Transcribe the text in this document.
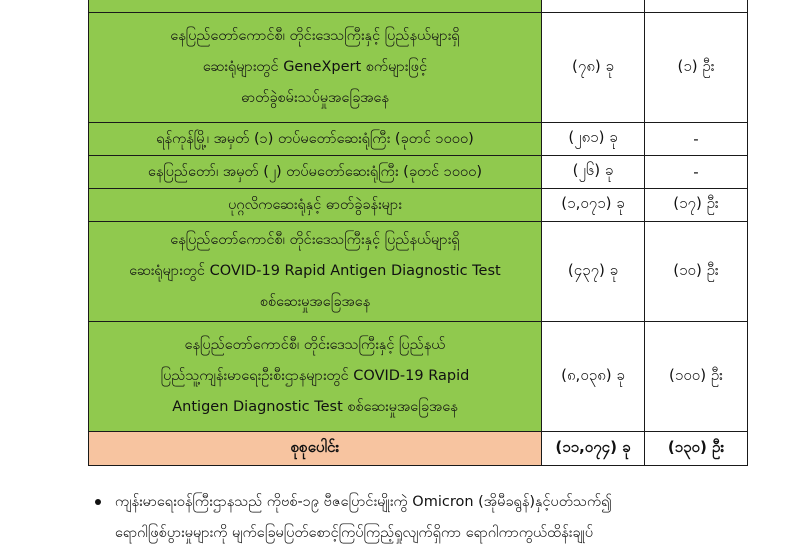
နေပြည်တော်ကောင်စီ၊ တိုင်းဒေသကြီးနှင့် ပြည်နယ်များရှိ
ဆေးရုံများတွင် GeneXpert စက်များဖြင့်
ဓာတ်ခွဲစမ်းသပ်မှုအခြေအနေ	(၇၈) ခု	(၁) ဦး

ရန်ကုန်မြို့၊ အမှတ် (၁) တပ်မတော်ဆေးရုံကြီး (ခုတင် ၁၀၀၀)	(၂၈၁) ခု	-

နေပြည်တော်၊ အမှတ် (၂) တပ်မတော်ဆေးရုံကြီး (ခုတင် ၁၀၀၀)	(၂၆) ခု	-

ပုဂ္ဂလိကဆေးရုံနှင့် ဓာတ်ခွဲခန်းများ	(၁,၀၇၁) ခု	(၁၇) ဦး

နေပြည်တော်ကောင်စီ၊ တိုင်းဒေသကြီးနှင့် ပြည်နယ်များရှိ
ဆေးရုံများတွင် COVID-19 Rapid Antigen Diagnostic Test
စစ်ဆေးမှုအခြေအနေ	(၄၃၇) ခု	(၁၀) ဦး

နေပြည်တော်ကောင်စီ၊ တိုင်းဒေသကြီးနှင့် ပြည်နယ်
ပြည်သူ့ကျန်းမာရေးဦးစီးဌာနများတွင် COVID-19 Rapid
Antigen Diagnostic Test စစ်ဆေးမှုအခြေအနေ	(၈,၀၃၈) ခု	(၁၀၀) ဦး
စုစုပေါင်း	(၁၁,၀၇၄) ခု	(၁၃၀) ဦး
ကျန်းမာရေးဝန်ကြီးဌာနသည် ကိုဗစ်-၁၉ ဗီဇပြောင်းမျိုးကွဲ Omicron (အိုမီခရွန်)နှင့်ပတ်သက်၍
ရောဂါဖြစ်ပွားမှုများကို မျက်ခြေမပြတ်စောင့်ကြပ်ကြည့်ရှုလျက်ရှိကာ ရောဂါကာကွယ်ထိန်းချုပ်
